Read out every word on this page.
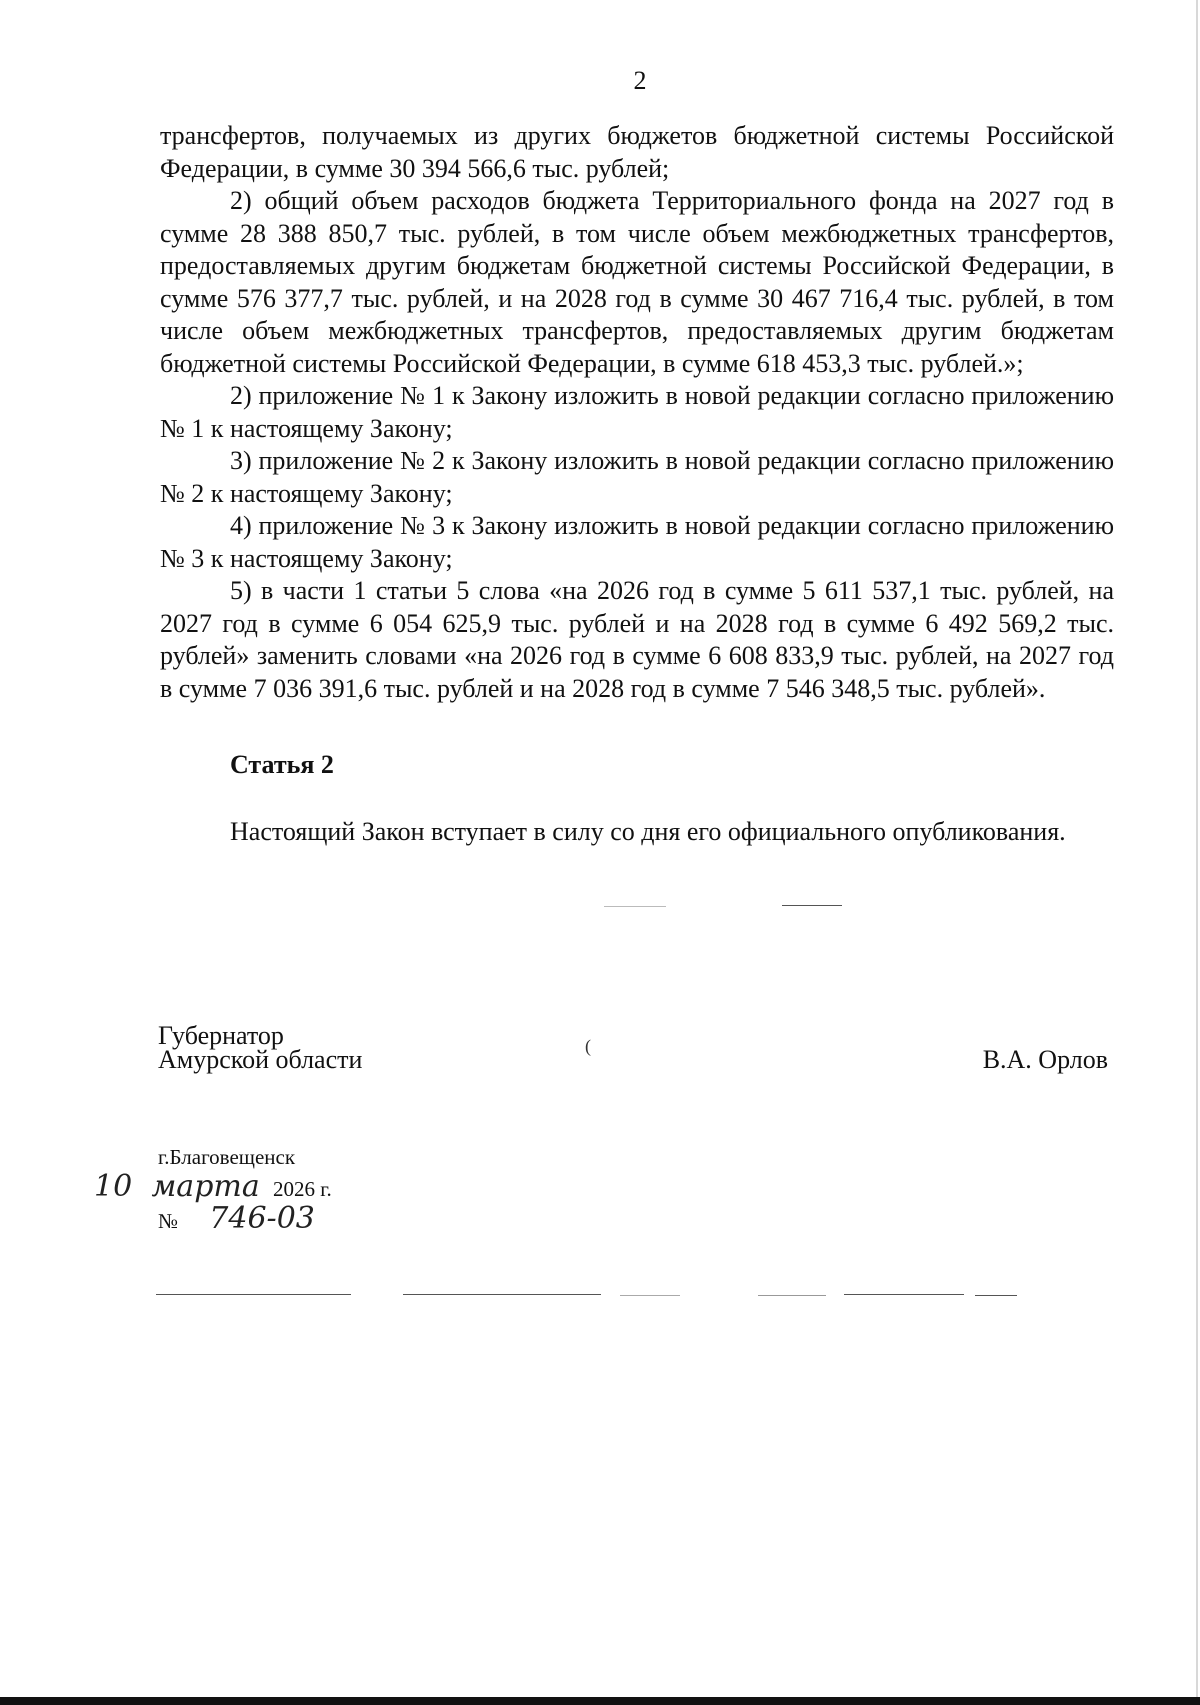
2

трансфертов, получаемых из других бюджетов бюджетной системы Российской Федерации, в сумме 30 394 566,6 тыс. рублей;

2) общий объем расходов бюджета Территориального фонда на 2027 год в сумме 28 388 850,7 тыс. рублей, в том числе объем межбюджетных трансфертов, предоставляемых другим бюджетам бюджетной системы Российской Федерации, в сумме 576 377,7 тыс. рублей, и на 2028 год в сумме 30 467 716,4 тыс. рублей, в том числе объем межбюджетных трансфертов, предоставляемых другим бюджетам бюджетной системы Российской Федерации, в сумме 618 453,3 тыс. рублей.»;

2) приложение № 1 к Закону изложить в новой редакции согласно приложению № 1 к настоящему Закону;

3) приложение № 2 к Закону изложить в новой редакции согласно приложению № 2 к настоящему Закону;

4) приложение № 3 к Закону изложить в новой редакции согласно приложению № 3 к настоящему Закону;

5) в части 1 статьи 5 слова «на 2026 год в сумме 5 611 537,1 тыс. рублей, на 2027 год в сумме 6 054 625,9 тыс. рублей и на 2028 год в сумме 6 492 569,2 тыс. рублей» заменить словами «на 2026 год в сумме 6 608 833,9 тыс. рублей, на 2027 год в сумме 7 036 391,6 тыс. рублей и на 2028 год в сумме 7 546 348,5 тыс. рублей».

Статья 2

Настоящий Закон вступает в силу со дня его официального опубликования.

Губернатор
Амурской области	В.А. Орлов
г.Благовещенск
10 марта 2026 г.
№ 746-03
(
